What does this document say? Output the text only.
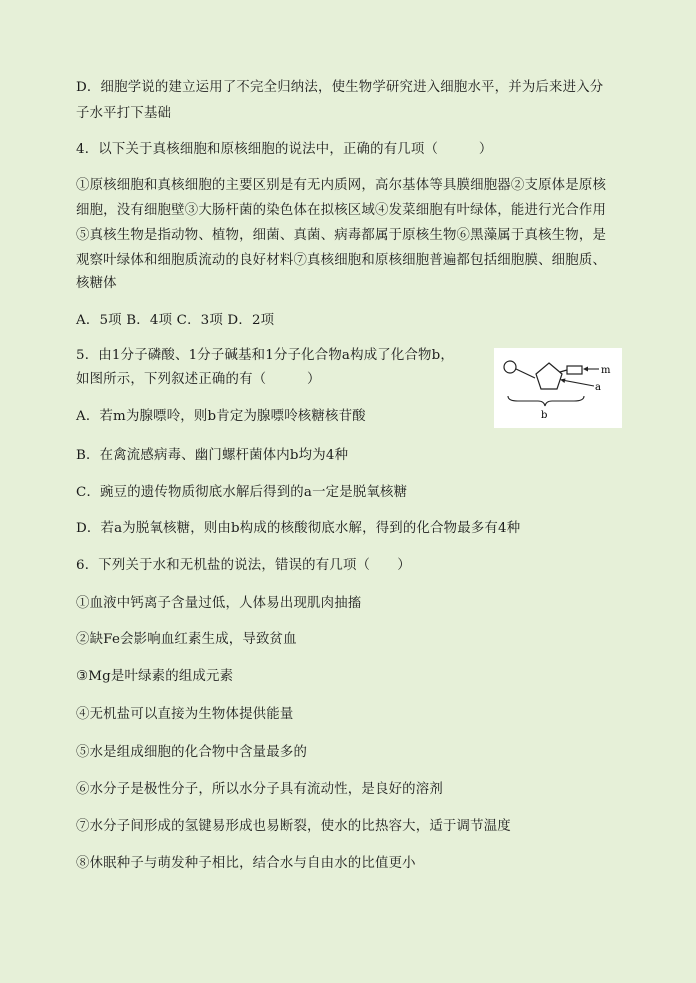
D．细胞学说的建立运用了不完全归纳法，使生物学研究进入细胞水平，并为后来进入分
子水平打下基础
4．以下关于真核细胞和原核细胞的说法中，正确的有几项（　　　）
①原核细胞和真核细胞的主要区别是有无内质网，高尔基体等具膜细胞器②支原体是原核
细胞，没有细胞壁③大肠杆菌的染色体在拟核区域④发菜细胞有叶绿体，能进行光合作用
⑤真核生物是指动物、植物，细菌、真菌、病毒都属于原核生物⑥黑藻属于真核生物，是
观察叶绿体和细胞质流动的良好材料⑦真核细胞和原核细胞普遍都包括细胞膜、细胞质、
核糖体
A．5项 B．4项 C．3项 D．2项
5．由1分子磷酸、1分子碱基和1分子化合物a构成了化合物b，
如图所示，下列叙述正确的有（　　　）
m
a
b
A．若m为腺嘌呤，则b肯定为腺嘌呤核糖核苷酸
B．在禽流感病毒、幽门螺杆菌体内b均为4种
C．豌豆的遗传物质彻底水解后得到的a一定是脱氧核糖
D．若a为脱氧核糖，则由b构成的核酸彻底水解，得到的化合物最多有4种
6．下列关于水和无机盐的说法，错误的有几项（　　）
①血液中钙离子含量过低，人体易出现肌肉抽搐
②缺Fe会影响血红素生成，导致贫血
③Mg是叶绿素的组成元素
④无机盐可以直接为生物体提供能量
⑤水是组成细胞的化合物中含量最多的
⑥水分子是极性分子，所以水分子具有流动性，是良好的溶剂
⑦水分子间形成的氢键易形成也易断裂，使水的比热容大，适于调节温度
⑧休眠种子与萌发种子相比，结合水与自由水的比值更小
